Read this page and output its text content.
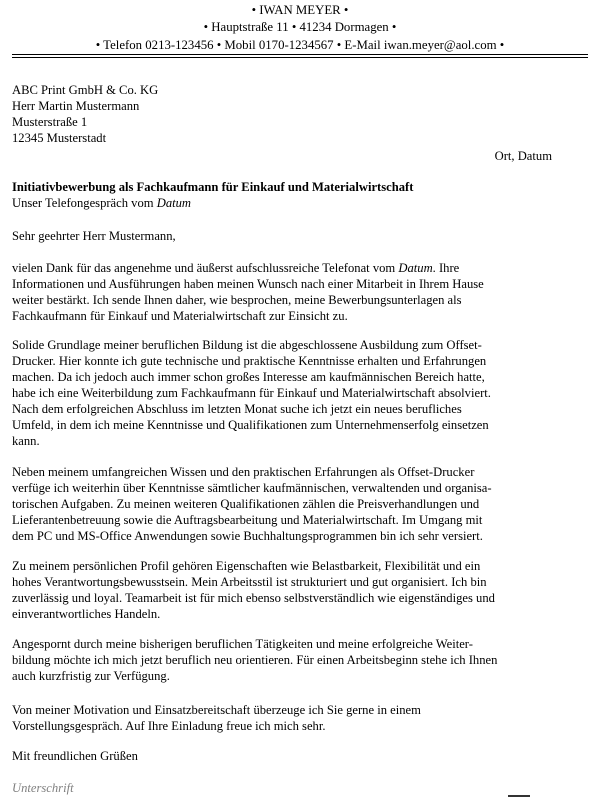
• IWAN MEYER •
• Hauptstraße 11 • 41234 Dormagen •
• Telefon 0213-123456 • Mobil 0170-1234567 • E-Mail iwan.meyer@aol.com •
ABC Print GmbH & Co. KG
Herr Martin Mustermann
Musterstraße 1
12345 Musterstadt
Ort, Datum
Initiativbewerbung als Fachkaufmann für Einkauf und Materialwirtschaft
Unser Telefongespräch vom Datum
Sehr geehrter Herr Mustermann,
vielen Dank für das angenehme und äußerst aufschlussreiche Telefonat vom Datum. Ihre
Informationen und Ausführungen haben meinen Wunsch nach einer Mitarbeit in Ihrem Hause
weiter bestärkt. Ich sende Ihnen daher, wie besprochen, meine Bewerbungsunterlagen als
Fachkaufmann für Einkauf und Materialwirtschaft zur Einsicht zu.
Solide Grundlage meiner beruflichen Bildung ist die abgeschlossene Ausbildung zum Offset-
Drucker. Hier konnte ich gute technische und praktische Kenntnisse erhalten und Erfahrungen
machen. Da ich jedoch auch immer schon großes Interesse am kaufmännischen Bereich hatte,
habe ich eine Weiterbildung zum Fachkaufmann für Einkauf und Materialwirtschaft absolviert.
Nach dem erfolgreichen Abschluss im letzten Monat suche ich jetzt ein neues berufliches
Umfeld, in dem ich meine Kenntnisse und Qualifikationen zum Unternehmenserfolg einsetzen
kann.
Neben meinem umfangreichen Wissen und den praktischen Erfahrungen als Offset-Drucker
verfüge ich weiterhin über Kenntnisse sämtlicher kaufmännischen, verwaltenden und organisa-
torischen Aufgaben. Zu meinen weiteren Qualifikationen zählen die Preisverhandlungen und
Lieferantenbetreuung sowie die Auftragsbearbeitung und Materialwirtschaft. Im Umgang mit
dem PC und MS-Office Anwendungen sowie Buchhaltungsprogrammen bin ich sehr versiert.
Zu meinem persönlichen Profil gehören Eigenschaften wie Belastbarkeit, Flexibilität und ein
hohes Verantwortungsbewusstsein. Mein Arbeitsstil ist strukturiert und gut organisiert. Ich bin
zuverlässig und loyal. Teamarbeit ist für mich ebenso selbstverständlich wie eigenständiges und
einverantwortliches Handeln.
Angespornt durch meine bisherigen beruflichen Tätigkeiten und meine erfolgreiche Weiter-
bildung möchte ich mich jetzt beruflich neu orientieren. Für einen Arbeitsbeginn stehe ich Ihnen
auch kurzfristig zur Verfügung.
Von meiner Motivation und Einsatzbereitschaft überzeuge ich Sie gerne in einem
Vorstellungsgespräch. Auf Ihre Einladung freue ich mich sehr.
Mit freundlichen Grüßen
Unterschrift
